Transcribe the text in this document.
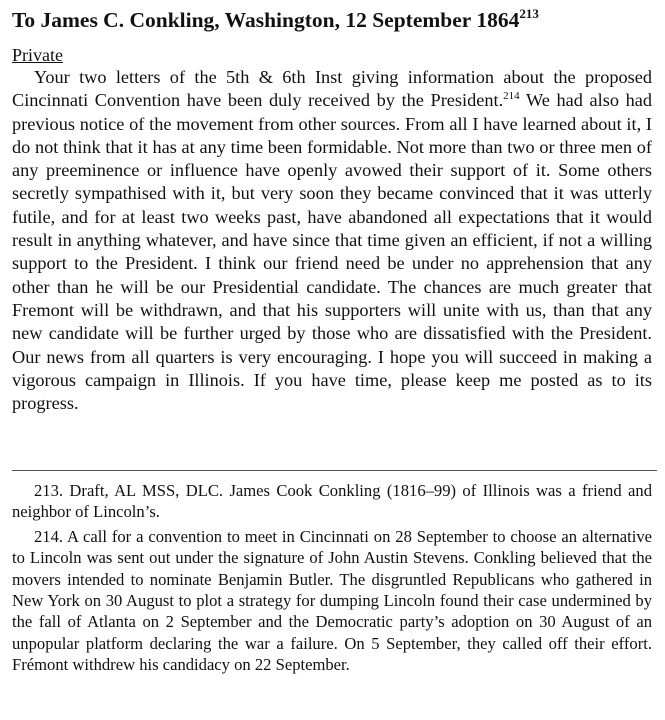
To James C. Conkling, Washington, 12 September 1864$^{213}$
Private

Your two letters of the 5th & 6th Inst giving information about the proposed Cincinnati Convention have been duly received by the President.$^{214}$ We had also had previous notice of the movement from other sources. From all I have learned about it, I do not think that it has at any time been formidable. Not more than two or three men of any preeminence or influence have openly avowed their support of it. Some others secretly sympathised with it, but very soon they became convinced that it was utterly futile, and for at least two weeks past, have abandoned all expectations that it would result in anything whatever, and have since that time given an efficient, if not a willing support to the President. I think our friend need be under no apprehension that any other than he will be our Presidential candidate. The chances are much greater that Fremont will be withdrawn, and that his supporters will unite with us, than that any new candidate will be further urged by those who are dissatisfied with the President. Our news from all quarters is very encouraging. I hope you will succeed in making a vigorous campaign in Illinois. If you have time, please keep me posted as to its progress.

213. Draft, AL MSS, DLC. James Cook Conkling (1816–99) of Illinois was a friend and neighbor of Lincoln’s.

214. A call for a convention to meet in Cincinnati on 28 September to choose an alternative to Lincoln was sent out under the signature of John Austin Stevens. Conkling believed that the movers intended to nominate Benjamin Butler. The disgruntled Republicans who gathered in New York on 30 August to plot a strategy for dumping Lincoln found their case undermined by the fall of Atlanta on 2 September and the Democratic party’s adoption on 30 August of an unpopular platform declaring the war a failure. On 5 September, they called off their effort. Frémont withdrew his candidacy on 22 September.
